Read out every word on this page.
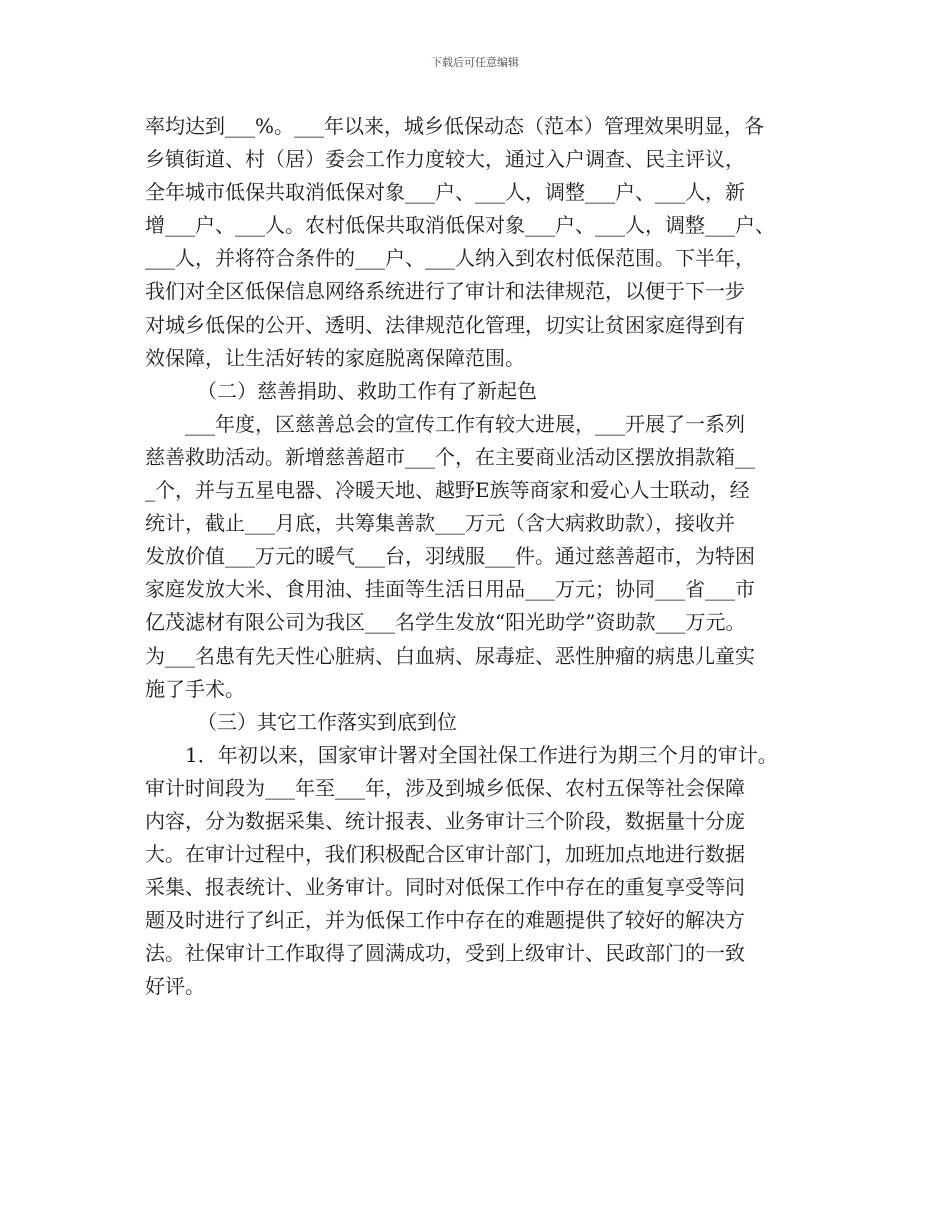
下载后可任意编辑
率均达到___%。___年以来，城乡低保动态（范本）管理效果明显，各
乡镇街道、村（居）委会工作力度较大，通过入户调查、民主评议，
全年城市低保共取消低保对象___户、___人，调整___户、___人，新
增___户、___人。农村低保共取消低保对象___户、___人，调整___户、
___人，并将符合条件的___户、___人纳入到农村低保范围。下半年，
我们对全区低保信息网络系统进行了审计和法律规范，以便于下一步
对城乡低保的公开、透明、法律规范化管理，切实让贫困家庭得到有
效保障，让生活好转的家庭脱离保障范围。
（二）慈善捐助、救助工作有了新起色
___年度，区慈善总会的宣传工作有较大进展，___开展了一系列
慈善救助活动。新增慈善超市___个，在主要商业活动区摆放捐款箱__
_个，并与五星电器、冷暖天地、越野E族等商家和爱心人士联动，经
统计，截止___月底，共筹集善款___万元（含大病救助款），接收并
发放价值___万元的暖气___台，羽绒服___件。通过慈善超市，为特困
家庭发放大米、食用油、挂面等生活日用品___万元；协同___省___市
亿茂滤材有限公司为我区___名学生发放“阳光助学”资助款___万元。
为___名患有先天性心脏病、白血病、尿毒症、恶性肿瘤的病患儿童实
施了手术。
（三）其它工作落实到底到位
1．年初以来，国家审计署对全国社保工作进行为期三个月的审计。
审计时间段为___年至___年，涉及到城乡低保、农村五保等社会保障
内容，分为数据采集、统计报表、业务审计三个阶段，数据量十分庞
大。在审计过程中，我们积极配合区审计部门，加班加点地进行数据
采集、报表统计、业务审计。同时对低保工作中存在的重复享受等问
题及时进行了纠正，并为低保工作中存在的难题提供了较好的解决方
法。社保审计工作取得了圆满成功，受到上级审计、民政部门的一致
好评。
